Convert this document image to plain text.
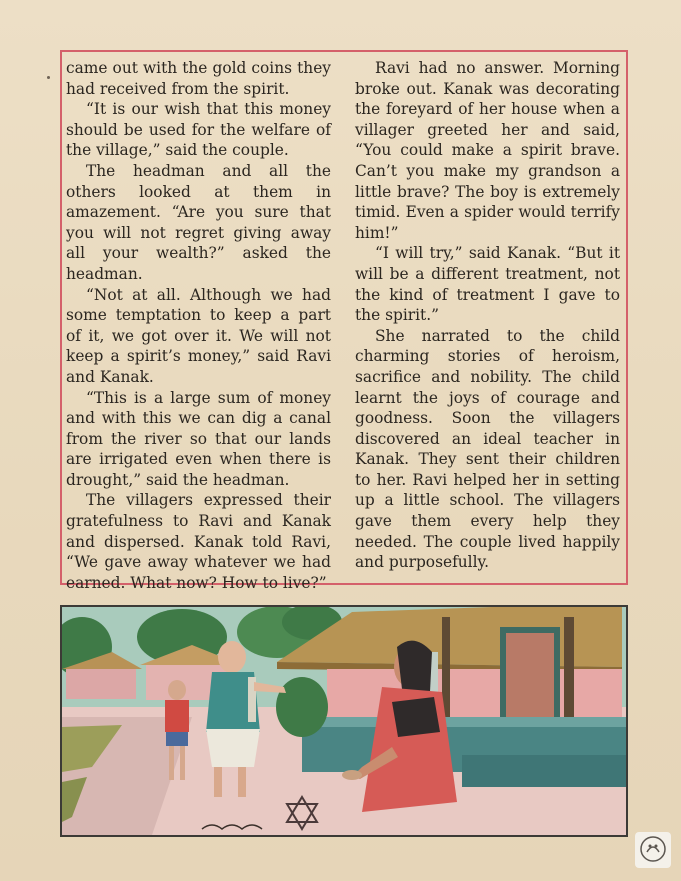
came out with the gold coins they had received from the spirit.

“It is our wish that this money should be used for the welfare of the village,” said the couple.

The headman and all the others looked at them in amazement. “Are you sure that you will not regret giving away all your wealth?” asked the headman.

“Not at all. Although we had some temptation to keep a part of it, we got over it. We will not keep a spirit’s money,” said Ravi and Kanak.

“This is a large sum of money and with this we can dig a canal from the river so that our lands are irrigated even when there is drought,” said the headman.

The villagers expressed their gratefulness to Ravi and Kanak and dispersed. Kanak told Ravi, “We gave away whatever we had earned. What now? How to live?”

Ravi had no answer. Morning broke out. Kanak was decorating the foreyard of her house when a villager greeted her and said, “You could make a spirit brave. Can’t you make my grandson a little brave? The boy is extremely timid. Even a spider would terrify him!”

“I will try,” said Kanak. “But it will be a different treatment, not the kind of treatment I gave to the spirit.”

She narrated to the child charming stories of heroism, sacrifice and nobility. The child learnt the joys of courage and goodness. Soon the villagers discovered an ideal teacher in Kanak. They sent their children to her. Ravi helped her in setting up a little school. The villagers gave them every help they needed. The couple lived happily and purposefully.
